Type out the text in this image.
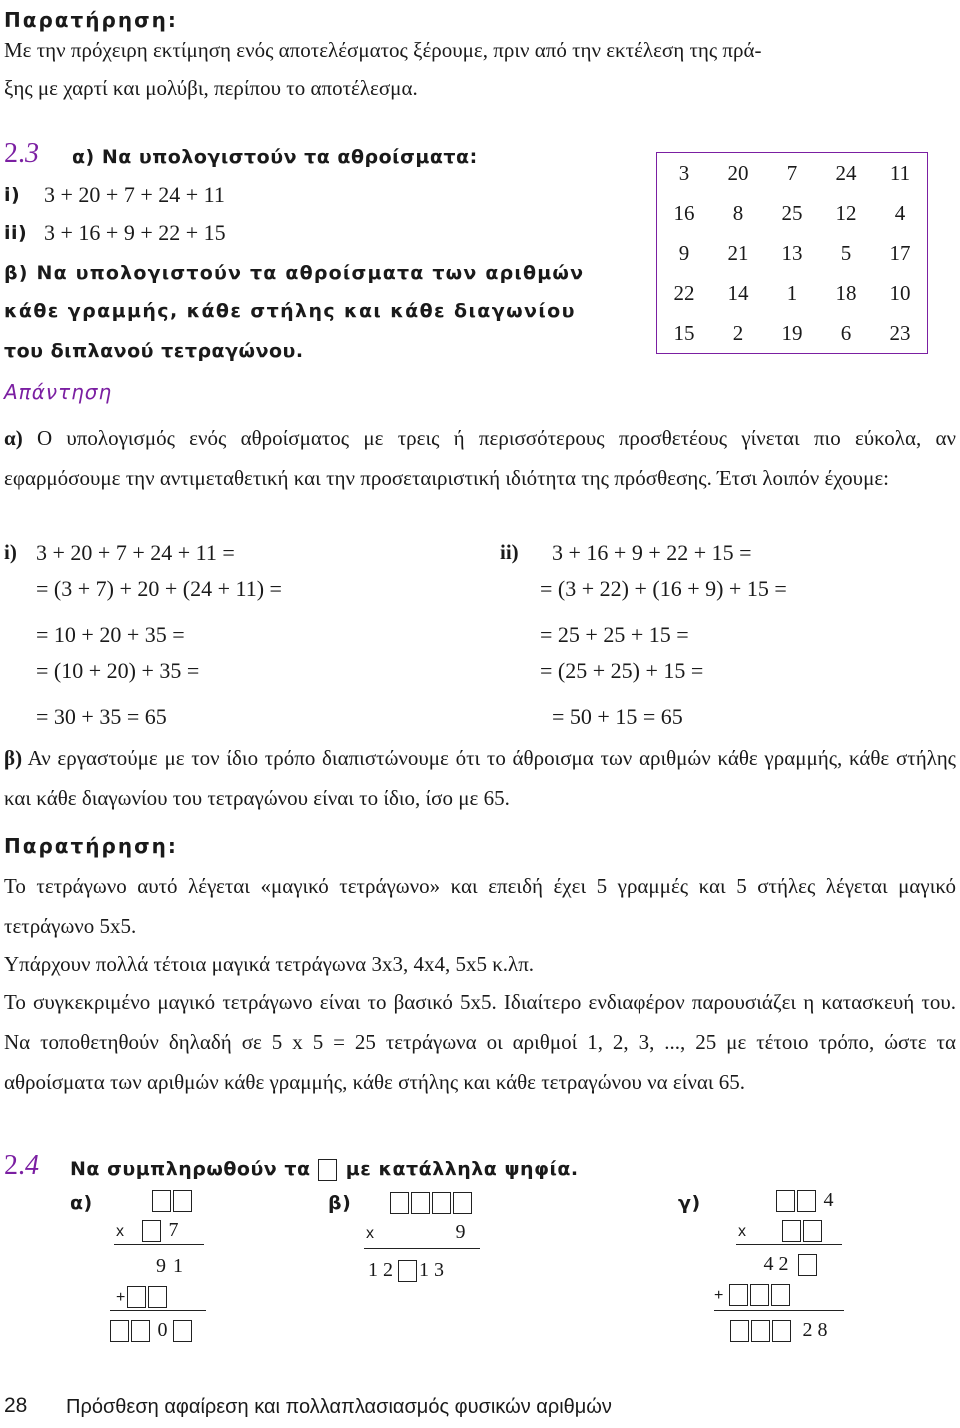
Παρατήρηση:
Με την πρόχειρη εκτίμηση ενός αποτελέσματος ξέρουμε, πριν από την εκτέλεση της πρά-
ξης με χαρτί και μολύβι, περίπου το αποτέλεσμα.
2.3 α) Να υπολογιστούν τα αθροίσματα:
i) 3 + 20 + 7 + 24 + 11
ii) 3 + 16 + 9 + 22 + 15
β) Να υπολογιστούν τα αθροίσματα των αριθμών
κάθε γραμμής, κάθε στήλης και κάθε διαγωνίου
του διπλανού τετραγώνου.
3	20	7	24	11
16	8	25	12	4
9	21	13	5	17
22	14	1	18	10
15	2	19	6	23
Απάντηση
α) Ο υπολογισμός ενός αθροίσματος με τρεις ή περισσότερους προσθετέους γίνεται πιο εύκολα, αν εφαρμόσουμε την αντιμεταθετική και την προσεταιριστική ιδιότητα της πρόσθεσης. Έτσι λοιπόν έχουμε:
i) 3 + 20 + 7 + 24 + 11 =
= (3 + 7) + 20 + (24 + 11) =
= 10 + 20 + 35 =
= (10 + 20) + 35 =
= 30 + 35 = 65
ii) 3 + 16 + 9 + 22 + 15 =
= (3 + 22) + (16 + 9) + 15 =
= 25 + 25 + 15 =
= (25 + 25) + 15 =
= 50 + 15 = 65
β) Αν εργαστούμε με τον ίδιο τρόπο διαπιστώνουμε ότι το άθροισμα των αριθμών κάθε γραμμής, κάθε στήλης και κάθε διαγωνίου του τετραγώνου είναι το ίδιο, ίσο με 65.
Παρατήρηση:
Το τετράγωνο αυτό λέγεται «μαγικό τετράγωνο» και επειδή έχει 5 γραμμές και 5 στήλες λέγεται μαγικό τετράγωνο 5x5.
Υπάρχουν πολλά τέτοια μαγικά τετράγωνα 3x3, 4x4, 5x5 κ.λπ.
Το συγκεκριμένο μαγικό τετράγωνο είναι το βασικό 5x5. Ιδιαίτερο ενδιαφέρον παρουσιάζει η κατασκευή του. Να τοποθετηθούν δηλαδή σε 5 x 5 = 25 τετράγωνα οι αριθμοί 1, 2, 3, ..., 25 με τέτοιο τρόπο, ώστε τα αθροίσματα των αριθμών κάθε γραμμής, κάθε στήλης και κάθε τετραγώνου να είναι 65.
2.4 Να συμπληρωθούν τα με κατάλληλα ψηφία.
α)
x 7
9 1
+
0
β)
x	9
1 2 1 3
γ)	4
x
4 2
+
2 8
28 Πρόσθεση αφαίρεση και πολλαπλασιασμός φυσικών αριθμών
